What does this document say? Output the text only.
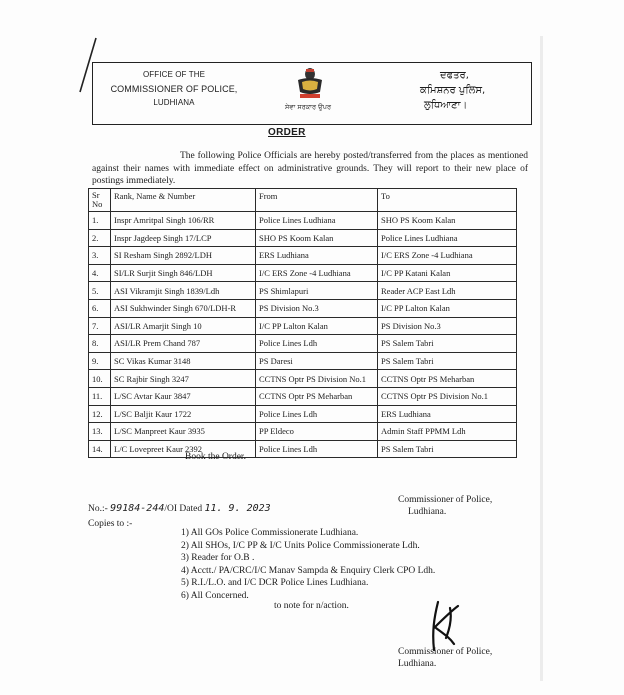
OFFICE OF THE
COMMISSIONER OF POLICE,
LUDHIANA	ਸੇਵਾ ਸਰਕਾਰ ਉਪਰ
ਦਫਤਰ,
ਕਮਿਸ਼ਨਰ ਪੁਲਿਸ,
ਲੁਧਿਆਣਾ।
ORDER

The following Police Officials are hereby posted/transferred from the places as mentioned against their names with immediate effect on administrative grounds. They will report to their new place of postings immediately.

Sr No	Rank, Name & Number	From	To
1.	Inspr Amritpal Singh 106/RR	Police Lines Ludhiana	SHO PS Koom Kalan
2.	Inspr Jagdeep Singh 17/LCP	SHO PS Koom Kalan	Police Lines Ludhiana
3.	SI Resham Singh 2892/LDH	ERS Ludhiana	I/C ERS Zone -4 Ludhiana
4.	SI/LR Surjit Singh 846/LDH	I/C ERS Zone -4 Ludhiana	I/C PP Katani Kalan
5.	ASI Vikramjit Singh 1839/Ldh	PS Shimlapuri	Reader ACP East Ldh
6.	ASI Sukhwinder Singh 670/LDH-R	PS Division No.3	I/C PP Lalton Kalan
7.	ASI/LR Amarjit Singh 10	I/C PP Lalton Kalan	PS Division No.3
8.	ASI/LR Prem Chand 787	Police Lines Ldh	PS Salem Tabri
9.	SC Vikas Kumar 3148	PS Daresi	PS Salem Tabri
10.	SC Rajbir Singh 3247	CCTNS Optr PS Division No.1	CCTNS Optr PS Meharban
11.	L/SC Avtar Kaur 3847	CCTNS Optr PS Meharban	CCTNS Optr PS Division No.1
12.	L/SC Baljit Kaur 1722	Police Lines Ldh	ERS Ludhiana
13.	L/SC Manpreet Kaur 3935	PP Eldeco	Admin Staff PPMM Ldh
14.	L/C Lovepreet Kaur 2392	Police Lines Ldh	PS Salem Tabri
Book the Order.
Commissioner of Police,
Ludhiana.
No.:- 99184-244/OI Dated 11. 9. 2023
Copies to :-
1) All GOs Police Commissionerate Ludhiana.
2) All SHOs, I/C PP & I/C Units Police Commissionerate Ldh.
3) Reader for O.B .
4) Acctt./ PA/CRC/I/C Manav Sampda & Enquiry Clerk CPO Ldh.
5) R.I./L.O. and I/C DCR Police Lines Ludhiana.
6) All Concerned.
to note for n/action.
Commissioner of Police,
Ludhiana.
